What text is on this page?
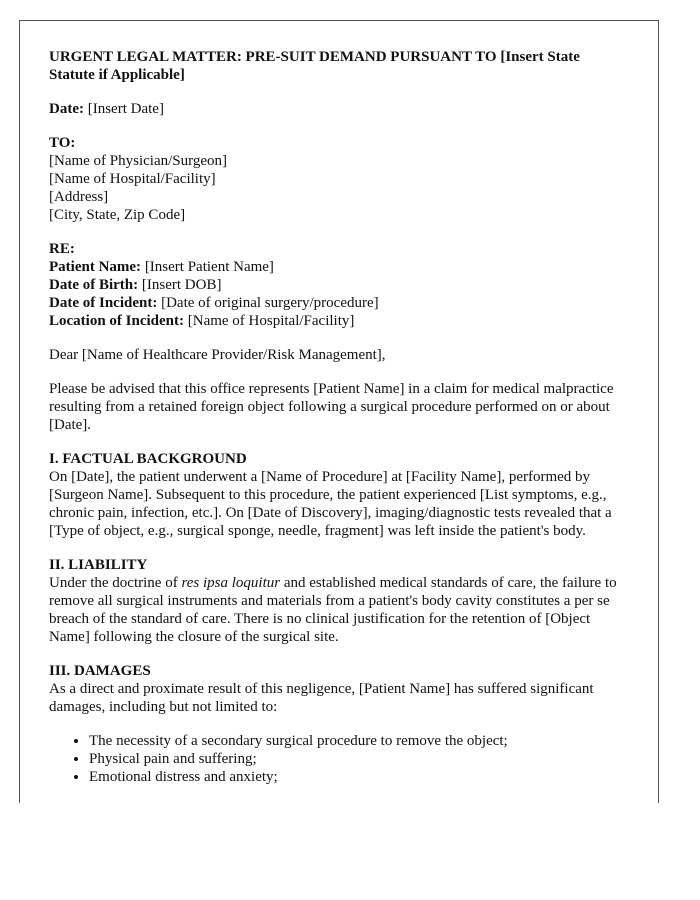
URGENT LEGAL MATTER: PRE-SUIT DEMAND PURSUANT TO [Insert State Statute if Applicable]

Date: [Insert Date]

TO:
[Name of Physician/Surgeon]
[Name of Hospital/Facility]
[Address]
[City, State, Zip Code]

RE:
Patient Name: [Insert Patient Name]
Date of Birth: [Insert DOB]
Date of Incident: [Date of original surgery/procedure]
Location of Incident: [Name of Hospital/Facility]

Dear [Name of Healthcare Provider/Risk Management],

Please be advised that this office represents [Patient Name] in a claim for medical malpractice resulting from a retained foreign object following a surgical procedure performed on or about [Date].

I. FACTUAL BACKGROUND
On [Date], the patient underwent a [Name of Procedure] at [Facility Name], performed by [Surgeon Name]. Subsequent to this procedure, the patient experienced [List symptoms, e.g., chronic pain, infection, etc.]. On [Date of Discovery], imaging/diagnostic tests revealed that a [Type of object, e.g., surgical sponge, needle, fragment] was left inside the patient's body.

II. LIABILITY
Under the doctrine of res ipsa loquitur and established medical standards of care, the failure to remove all surgical instruments and materials from a patient's body cavity constitutes a per se breach of the standard of care. There is no clinical justification for the retention of [Object Name] following the closure of the surgical site.

III. DAMAGES
As a direct and proximate result of this negligence, [Patient Name] has suffered significant damages, including but not limited to:

• The necessity of a secondary surgical procedure to remove the object;
• Physical pain and suffering;
• Emotional distress and anxiety;
